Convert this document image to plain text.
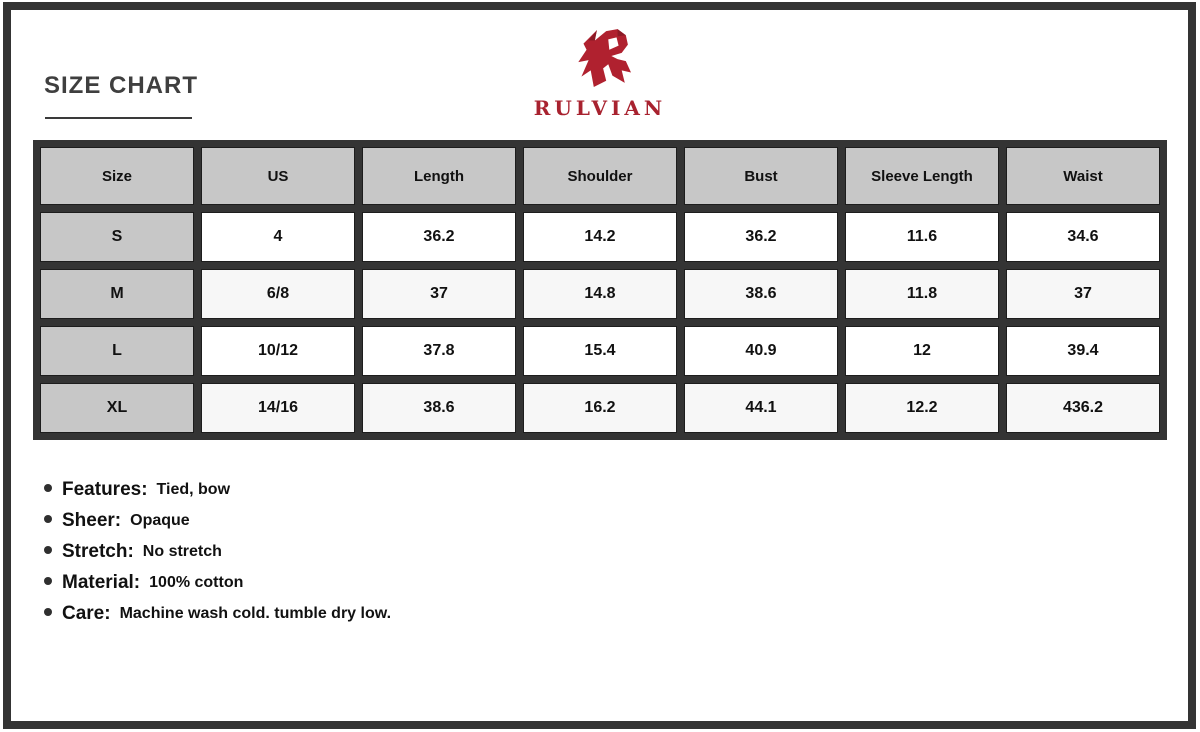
SIZE CHART
RULVIAN
Size	US	Length	Shoulder	Bust	Sleeve Length	Waist
S	4	36.2	14.2	36.2	11.6	34.6
M	6/8	37	14.8	38.6	11.8	37
L	10/12	37.8	15.4	40.9	12	39.4
XL	14/16	38.6	16.2	44.1	12.2	436.2
Features: Tied, bow
Sheer: Opaque
Stretch: No stretch
Material: 100% cotton
Care: Machine wash cold. tumble dry low.
